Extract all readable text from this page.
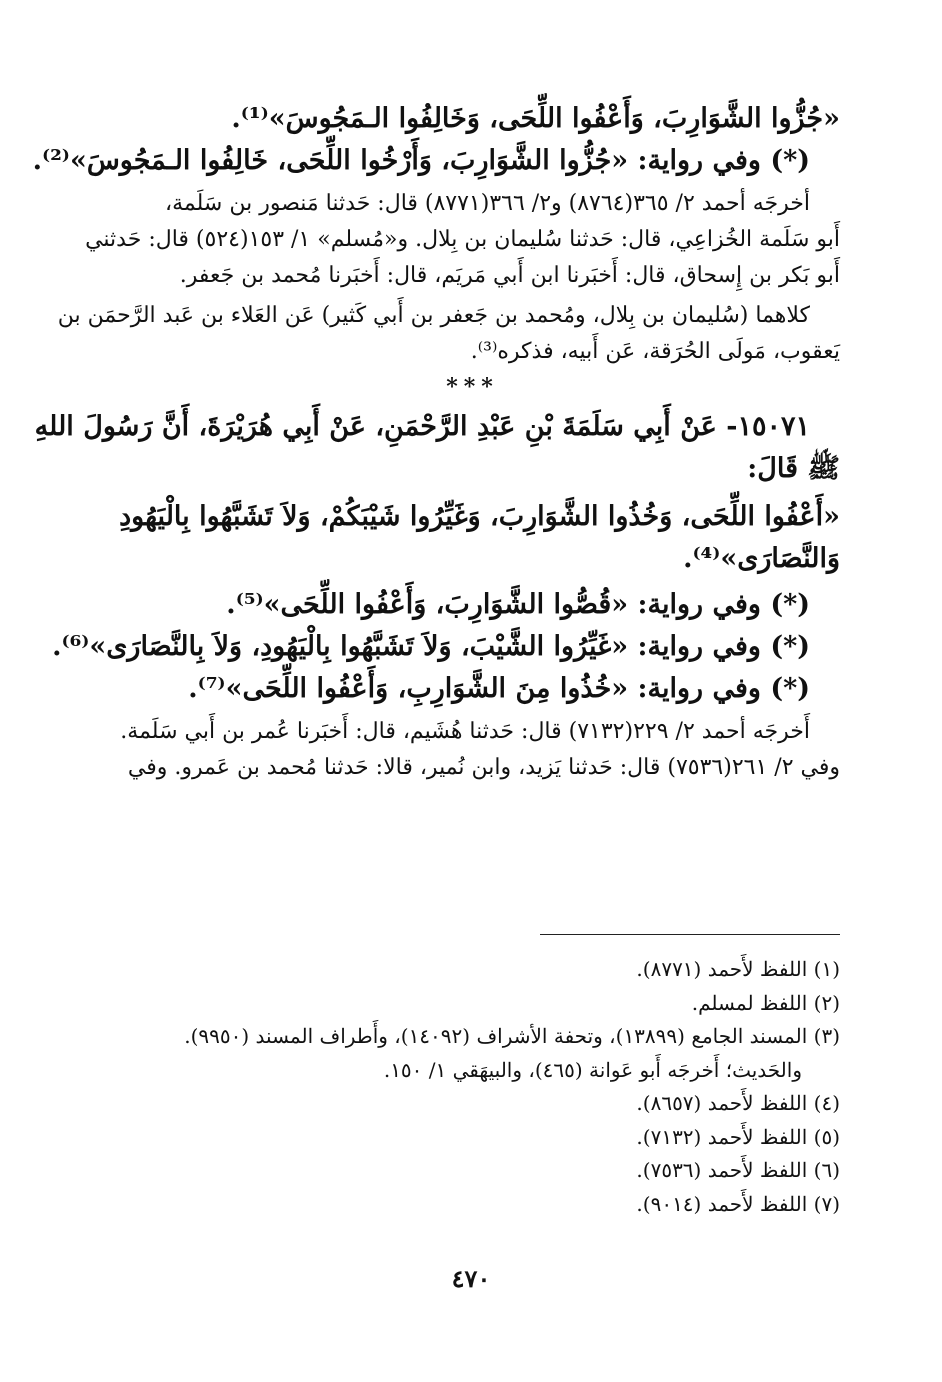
«جُزُّوا الشَّوَارِبَ، وَأَعْفُوا اللِّحَى، وَخَالِفُوا الـمَجُوسَ»⁽¹⁾.
(*) وفي رواية: «جُزُّوا الشَّوَارِبَ، وَأَرْخُوا اللِّحَى، خَالِفُوا الـمَجُوسَ»⁽²⁾.
أخرجَه أحمد ٢/ ٣٦٥(٨٧٦٤) و٢/ ٣٦٦(٨٧٧١) قال: حَدثنا مَنصور بن سَلَمة،
أَبو سَلَمة الخُزاعِي، قال: حَدثنا سُليمان بن بِلال. و«مُسلم» ١/ ١٥٣(٥٢٤) قال: حَدثني
أَبو بَكر بن إِسحاق، قال: أَخبَرنا ابن أَبي مَريَم، قال: أَخبَرنا مُحمد بن جَعفر.
كلاهما (سُليمان بن بِلال، ومُحمد بن جَعفر بن أَبي كَثير) عَن العَلاء بن عَبد الرَّحمَن بن
يَعقوب، مَولَى الحُرَقة، عَن أَبيه، فذكره⁽³⁾.
***
١٥٠٧١- عَنْ أَبِي سَلَمَةَ بْنِ عَبْدِ الرَّحْمَنِ، عَنْ أَبِي هُرَيْرَةَ، أَنَّ رَسُولَ اللهِ
ﷺ قَالَ:
«أَعْفُوا اللِّحَى، وَخُذُوا الشَّوَارِبَ، وَغَيِّرُوا شَيْبَكُمْ، وَلاَ تَشَبَّهُوا بِالْيَهُودِ
وَالنَّصَارَى»⁽⁴⁾.
(*) وفي رواية: «قُصُّوا الشَّوَارِبَ، وَأَعْفُوا اللِّحَى»⁽⁵⁾.
(*) وفي رواية: «غَيِّرُوا الشَّيْبَ، وَلاَ تَشَبَّهُوا بِالْيَهُودِ، وَلاَ بِالنَّصَارَى»⁽⁶⁾.
(*) وفي رواية: «خُذُوا مِنَ الشَّوَارِبِ، وَأَعْفُوا اللِّحَى»⁽⁷⁾.
أَخرجَه أحمد ٢/ ٢٢٩(٧١٣٢) قال: حَدثنا هُشَيم، قال: أَخبَرنا عُمر بن أَبي سَلَمة.
وفي ٢/ ٢٦١(٧٥٣٦) قال: حَدثنا يَزيد، وابن نُمير، قالا: حَدثنا مُحمد بن عَمرو. وفي
(١) اللفظ لأَحمد (٨٧٧١).
(٢) اللفظ لمسلم.
(٣) المسند الجامع (١٣٨٩٩)، وتحفة الأشراف (١٤٠٩٢)، وأَطراف المسند (٩٩٥٠).
والحَديث؛ أَخرجَه أَبو عَوانة (٤٦٥)، والبيهَقي ١/ ١٥٠.
(٤) اللفظ لأَحمد (٨٦٥٧).
(٥) اللفظ لأَحمد (٧١٣٢).
(٦) اللفظ لأَحمد (٧٥٣٦).
(٧) اللفظ لأَحمد (٩٠١٤).
٤٧٠
